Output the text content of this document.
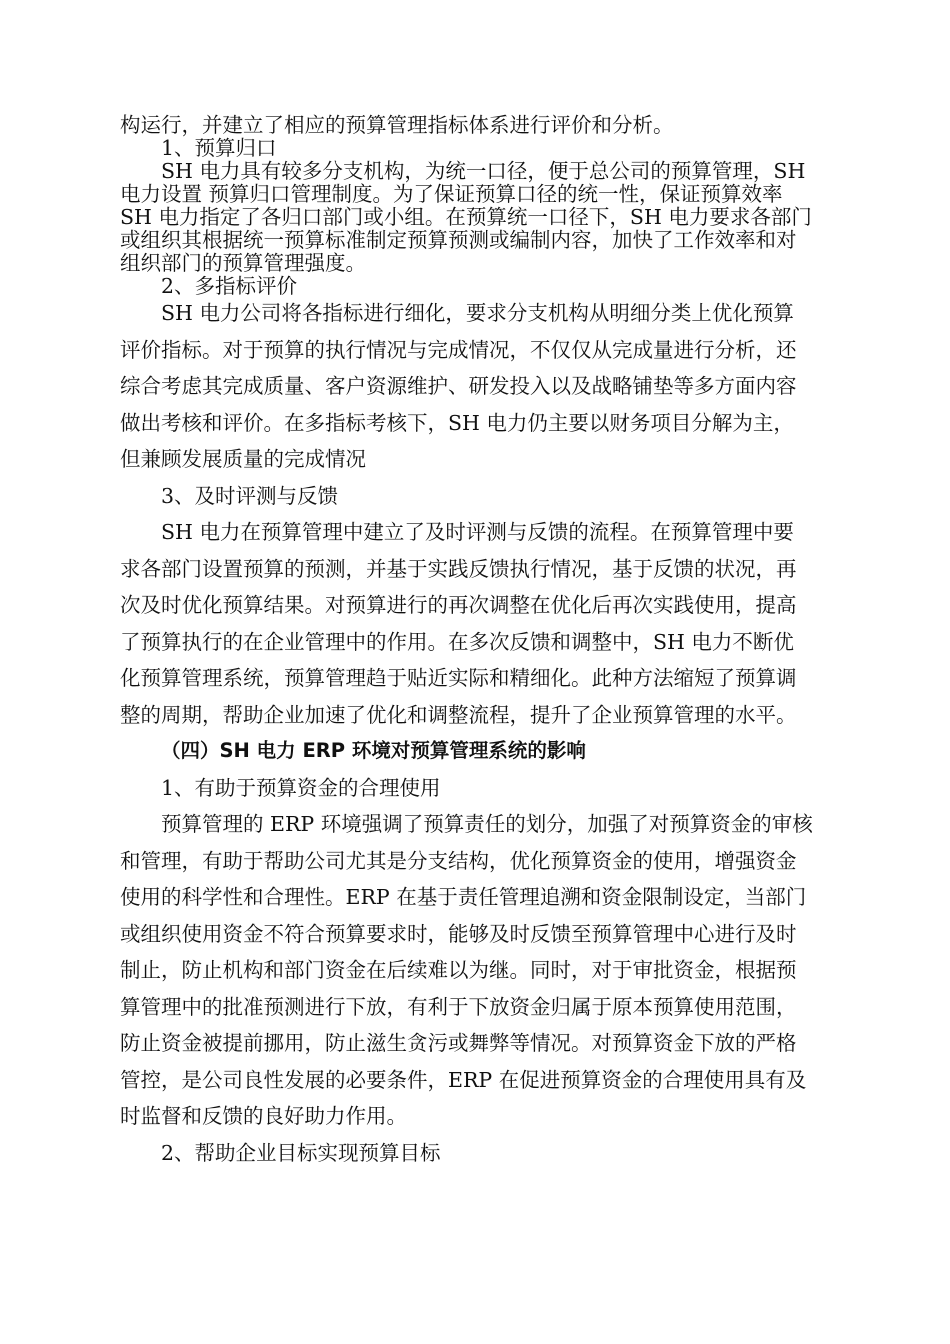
构运行，并建立了相应的预算管理指标体系进行评价和分析。
1、预算归口
SH 电力具有较多分支机构，为统一口径，便于总公司的预算管理，SH
电力设置 预算归口管理制度。为了保证预算口径的统一性，保证预算效率
SH 电力指定了各归口部门或小组。在预算统一口径下，SH 电力要求各部门
或组织其根据统一预算标准制定预算预测或编制内容，加快了工作效率和对
组织部门的预算管理强度。
2、多指标评价
SH 电力公司将各指标进行细化，要求分支机构从明细分类上优化预算
评价指标。对于预算的执行情况与完成情况，不仅仅从完成量进行分析，还
综合考虑其完成质量、客户资源维护、研发投入以及战略铺垫等多方面内容
做出考核和评价。在多指标考核下，SH 电力仍主要以财务项目分解为主，
但兼顾发展质量的完成情况
3、及时评测与反馈
SH 电力在预算管理中建立了及时评测与反馈的流程。在预算管理中要
求各部门设置预算的预测，并基于实践反馈执行情况，基于反馈的状况，再
次及时优化预算结果。对预算进行的再次调整在优化后再次实践使用，提高
了预算执行的在企业管理中的作用。在多次反馈和调整中，SH 电力不断优
化预算管理系统，预算管理趋于贴近实际和精细化。此种方法缩短了预算调
整的周期，帮助企业加速了优化和调整流程，提升了企业预算管理的水平。
（四）SH 电力 ERP 环境对预算管理系统的影响
1、有助于预算资金的合理使用
预算管理的 ERP 环境强调了预算责任的划分，加强了对预算资金的审核
和管理，有助于帮助公司尤其是分支结构，优化预算资金的使用，增强资金
使用的科学性和合理性。ERP 在基于责任管理追溯和资金限制设定，当部门
或组织使用资金不符合预算要求时，能够及时反馈至预算管理中心进行及时
制止，防止机构和部门资金在后续难以为继。同时，对于审批资金，根据预
算管理中的批准预测进行下放，有利于下放资金归属于原本预算使用范围，
防止资金被提前挪用，防止滋生贪污或舞弊等情况。对预算资金下放的严格
管控，是公司良性发展的必要条件，ERP 在促进预算资金的合理使用具有及
时监督和反馈的良好助力作用。
2、帮助企业目标实现预算目标
